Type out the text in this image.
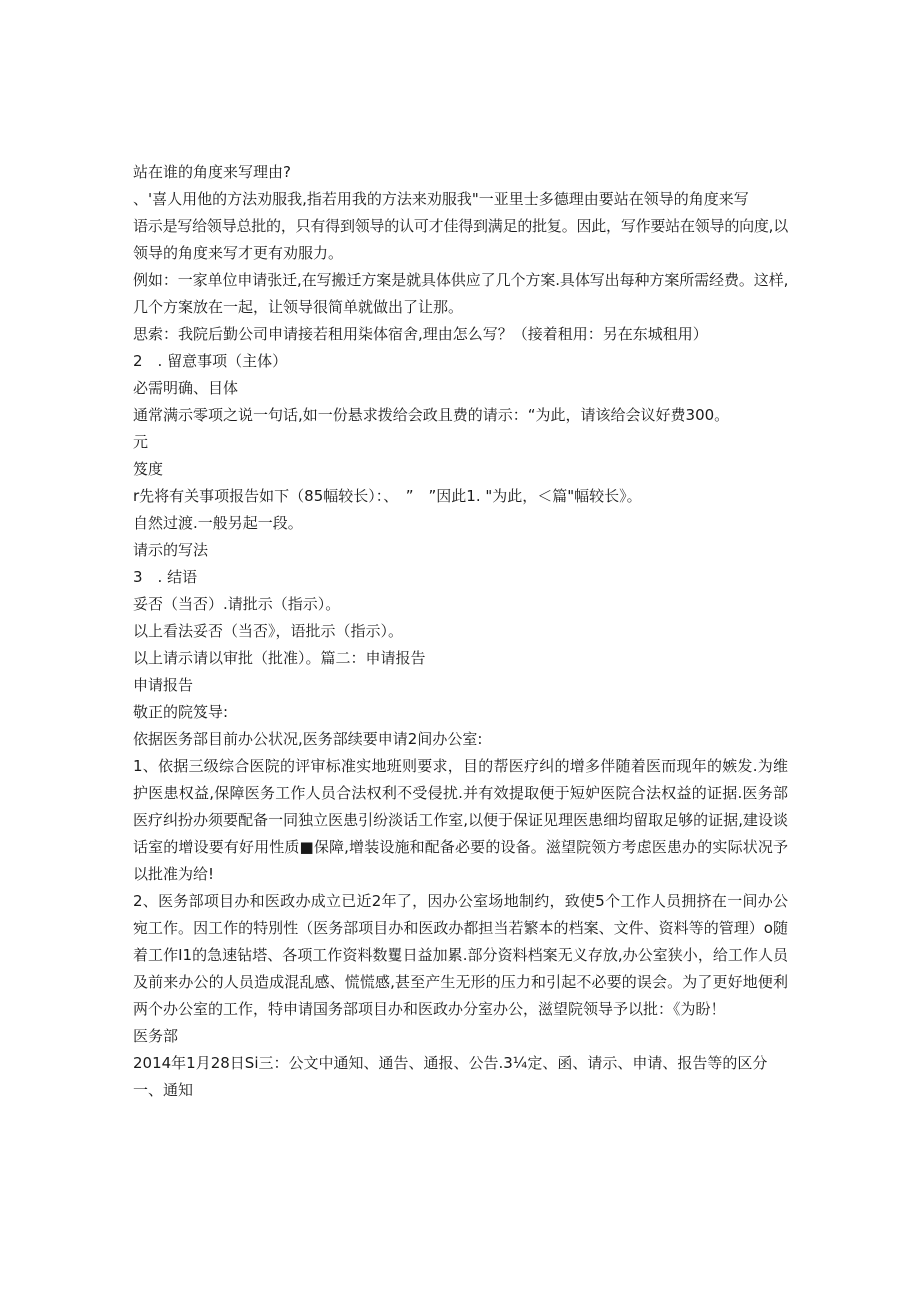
站在谁的角度来写理由?
、'喜人用他的方法劝服我,指若用我的方法来劝服我"一亚里士多德理由要站在领导的角度来写
语示是写给领导总批的，只有得到领导的认可才佳得到满足的批复。因此，写作要站在领导的向度,以
领导的角度来写才更有劝服力。
例如：一家单位申请张迁,在写搬迁方案是就具体供应了几个方案.具体写出每种方案所需经费。这样,
几个方案放在一起，让领导很简单就做出了让那。
思索：我院后勤公司申请接若租用柒体宿舍,理由怎么写？（接着租用：另在东城租用）
2　. 留意事项（主体）
必需明确、目体
通常满示零项之说一句话,如一份悬求拨给会政且费的请示：“为此，请该给会议好费300。
元
笈度
r先将有关事项报告如下（85幅较长）：、　”　”因此1. "为此，＜篇"幅较长》。
自然过渡.一般另起一段。
请示的写法
3　. 结语
妥否（当否）.请批示（指示）。
以上看法妥否（当否》，语批示（指示）。
以上请示请以审批（批准）。篇二：申请报告
申请报告
敬正的院笈导:
依据医务部目前办公状况,医务部续要申请2间办公室:
1、依据三级综合医院的评审标准实地班则要求，目的帮医疗纠的增多伴随着医而现年的嫉发.为维护医患权益,保障医务工作人员合法权利不受侵扰.并有效提取便于短妒医院合法权益的证据.医务部医疗纠扮办须要配备一同独立医患引纷淡话工作室,以便于保证见理医患细均留取足够的证据,建设谈话室的增设要有好用性质■保障,增装设施和配备必要的设备。滋望院领方考虑医患办的实际状况予以批准为给!
2、医务部项目办和医政办成立已近2年了，因办公室场地制约，致使5个工作人员拥挤在一间办公宛工作。因工作的特別性（医务部项目办和医政办都担当若繁本的档案、文件、资料等的管理）o随着工作I1的急速钻塔、各项工作资料数矍日益加累.部分资料档案无义存放,办公室狭小，给工作人员及前来办公的人员造成混乱感、慌慌感,甚至产生无形的压力和引起不必要的误会。为了更好地便利两个办公室的工作，特申请国务部项目办和医政办分室办公，滋望院领导予以批：《为盼！
医务部
2014年1月28日Si三：公文中通知、通告、通报、公告.3¼定、函、请示、申请、报告等的区分
一、通知
